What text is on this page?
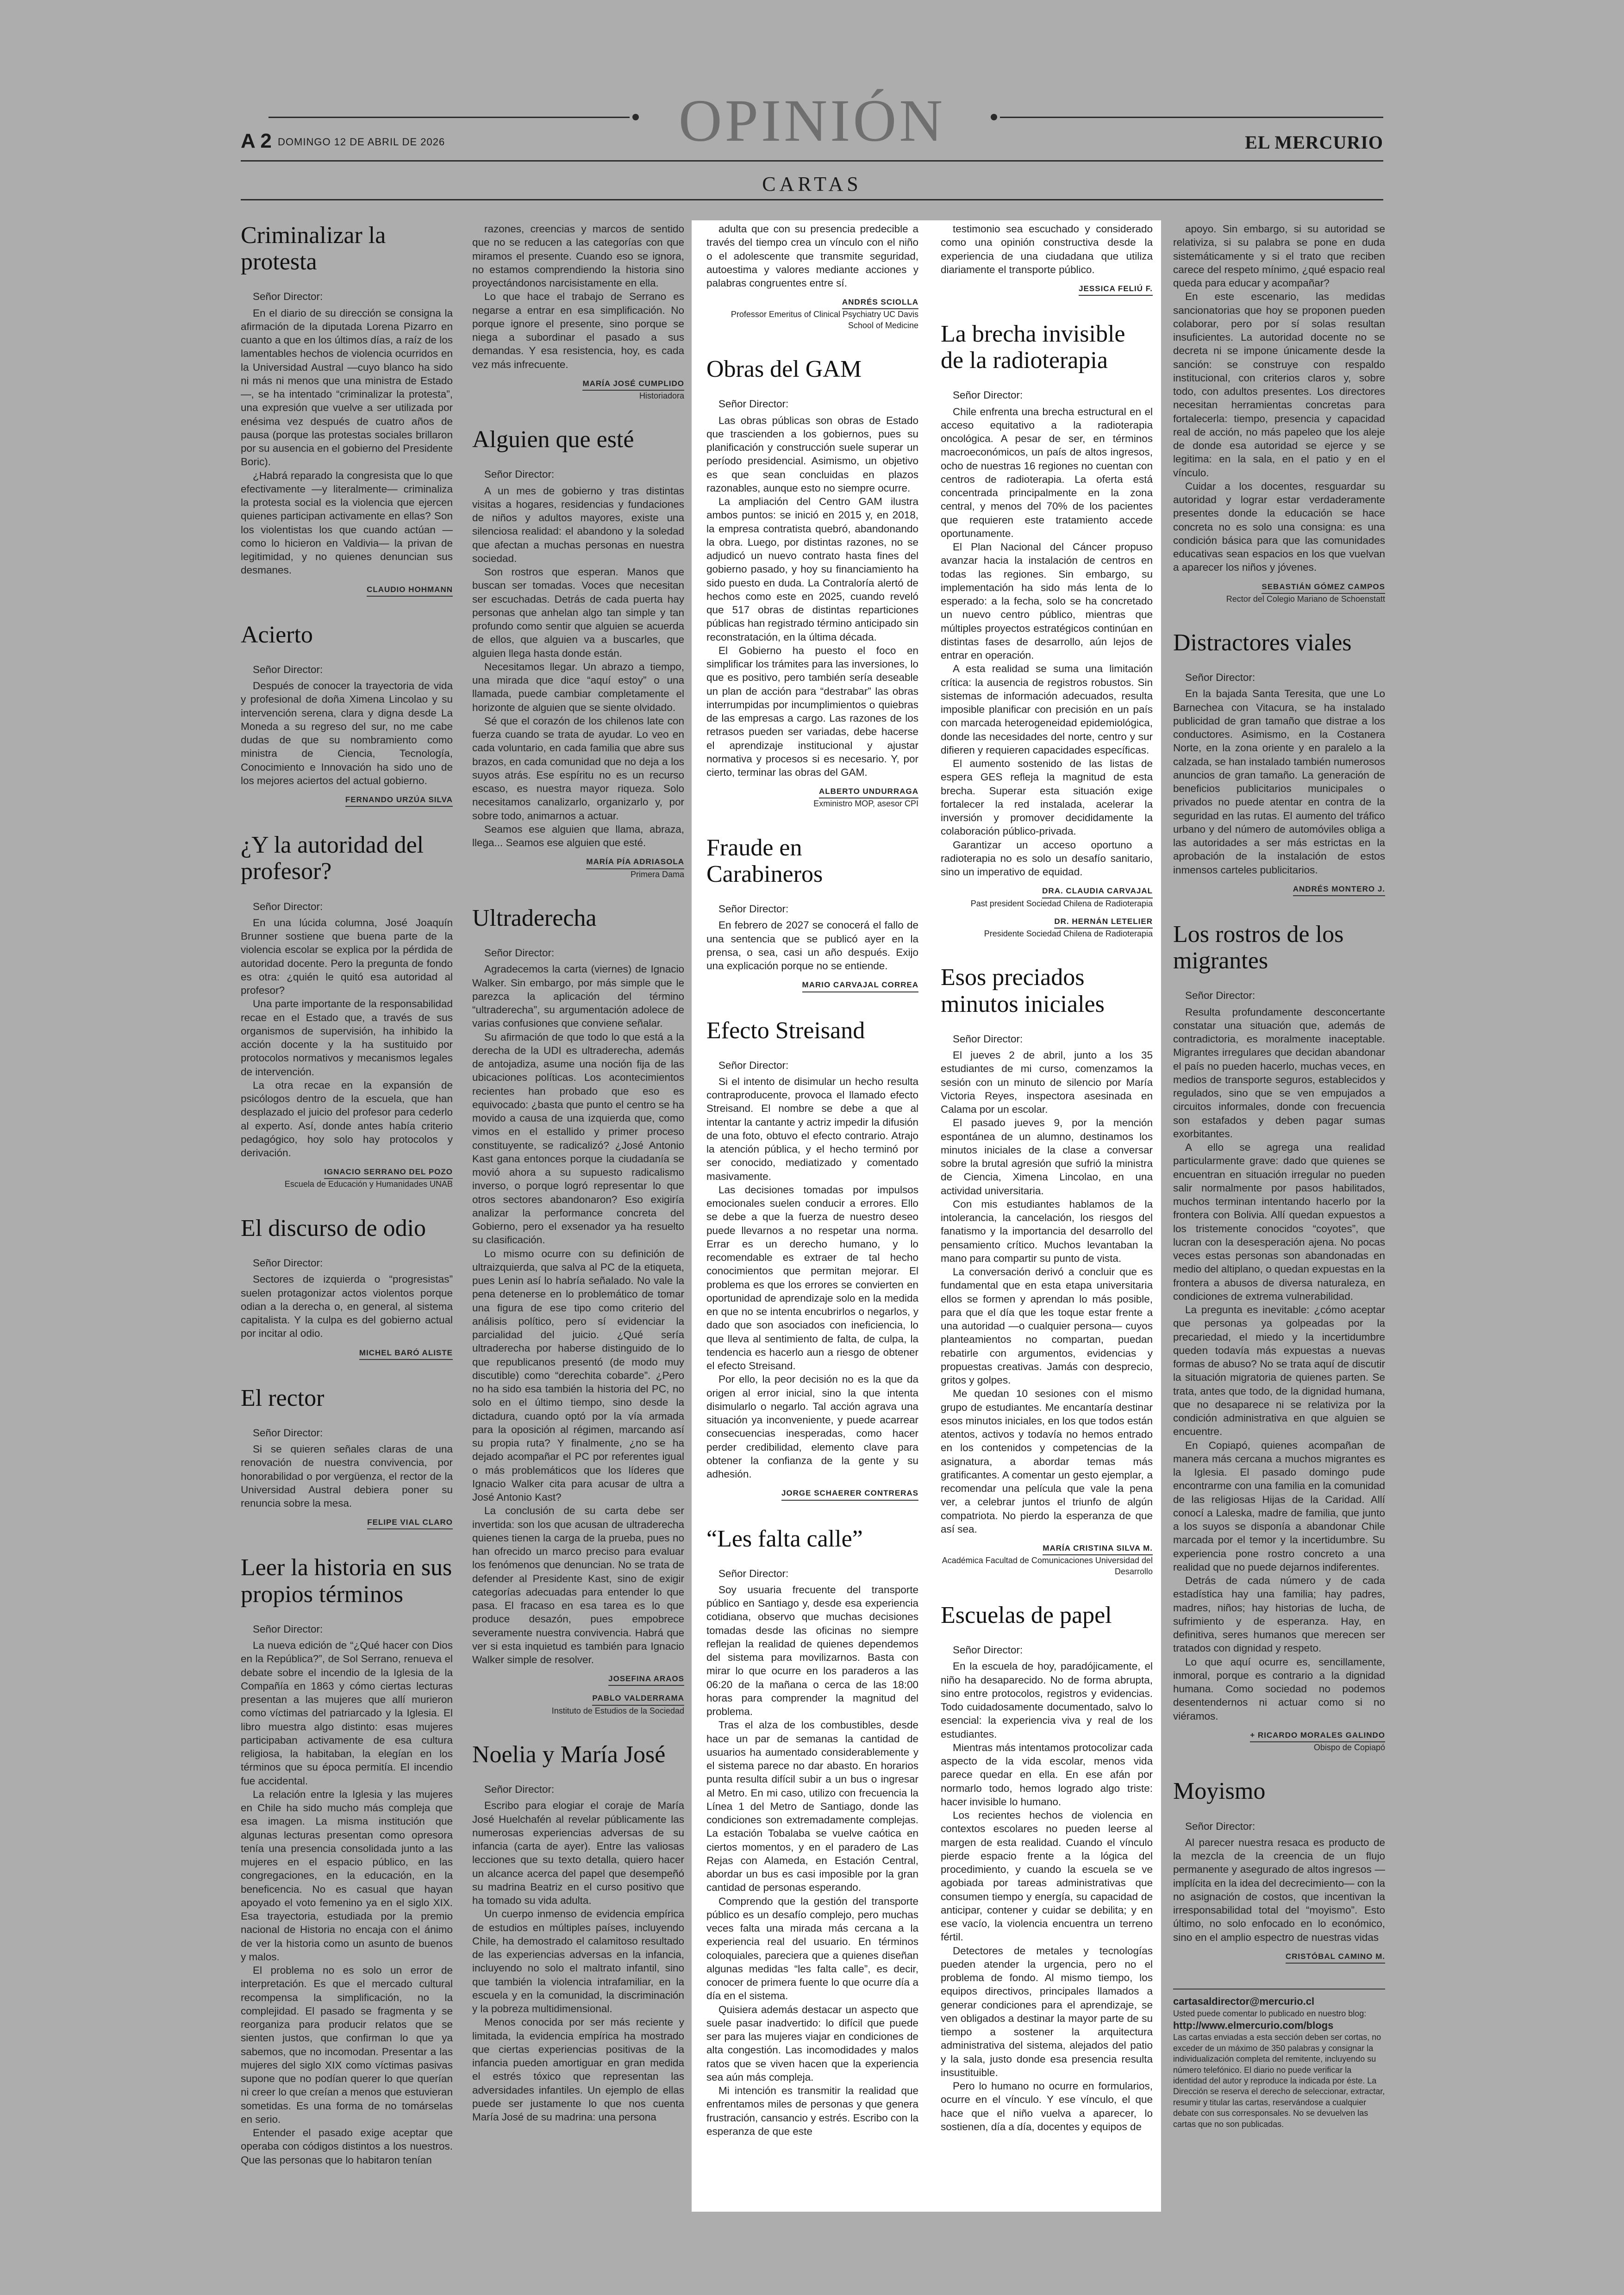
OPINIÓN
A 2 DOMINGO 12 DE ABRIL DE 2026	EL MERCURIO
CARTAS
Criminalizar la protesta
Señor Director:

En el diario de su dirección se consigna la afirmación de la diputada Lorena Pizarro en cuanto a que en los últimos días, a raíz de los lamentables hechos de violencia ocurridos en la Universidad Austral —cuyo blanco ha sido ni más ni menos que una ministra de Estado—, se ha intentado “criminalizar la protesta”, una expresión que vuelve a ser utilizada por enésima vez después de cuatro años de pausa (porque las protestas sociales brillaron por su ausencia en el gobierno del Presidente Boric).

¿Habrá reparado la congresista que lo que efectivamente —y literalmente— criminaliza la protesta social es la violencia que ejercen quienes participan activamente en ellas? Son los violentistas los que cuando actúan —como lo hicieron en Valdivia— la privan de legitimidad, y no quienes denuncian sus desmanes.

CLAUDIO HOHMANN
Acierto
Señor Director:

Después de conocer la trayectoria de vida y profesional de doña Ximena Lincolao y su intervención serena, clara y digna desde La Moneda a su regreso del sur, no me cabe dudas de que su nombramiento como ministra de Ciencia, Tecnología, Conocimiento e Innovación ha sido uno de los mejores aciertos del actual gobierno.

FERNANDO URZÚA SILVA
¿Y la autoridad del profesor?
Señor Director:

En una lúcida columna, José Joaquín Brunner sostiene que buena parte de la violencia escolar se explica por la pérdida de autoridad docente. Pero la pregunta de fondo es otra: ¿quién le quitó esa autoridad al profesor?

Una parte importante de la responsabilidad recae en el Estado que, a través de sus organismos de supervisión, ha inhibido la acción docente y la ha sustituido por protocolos normativos y mecanismos legales de intervención.

La otra recae en la expansión de psicólogos dentro de la escuela, que han desplazado el juicio del profesor para cederlo al experto. Así, donde antes había criterio pedagógico, hoy solo hay protocolos y derivación.

IGNACIO SERRANO DEL POZO
Escuela de Educación y Humanidades UNAB
El discurso de odio
Señor Director:

Sectores de izquierda o “progresistas” suelen protagonizar actos violentos porque odian a la derecha o, en general, al sistema capitalista. Y la culpa es del gobierno actual por incitar al odio.

MICHEL BARÓ ALISTE
El rector
Señor Director:

Si se quieren señales claras de una renovación de nuestra convivencia, por honorabilidad o por vergüenza, el rector de la Universidad Austral debiera poner su renuncia sobre la mesa.

FELIPE VIAL CLARO
Leer la historia en sus propios términos
Señor Director:

La nueva edición de “¿Qué hacer con Dios en la República?”, de Sol Serrano, renueva el debate sobre el incendio de la Iglesia de la Compañía en 1863 y cómo ciertas lecturas presentan a las mujeres que allí murieron como víctimas del patriarcado y la Iglesia. El libro muestra algo distinto: esas mujeres participaban activamente de esa cultura religiosa, la habitaban, la elegían en los términos que su época permitía. El incendio fue accidental.

La relación entre la Iglesia y las mujeres en Chile ha sido mucho más compleja que esa imagen. La misma institución que algunas lecturas presentan como opresora tenía una presencia consolidada junto a las mujeres en el espacio público, en las congregaciones, en la educación, en la beneficencia. No es casual que hayan apoyado el voto femenino ya en el siglo XIX. Esa trayectoria, estudiada por la premio nacional de Historia no encaja con el ánimo de ver la historia como un asunto de buenos y malos.

El problema no es solo un error de interpretación. Es que el mercado cultural recompensa la simplificación, no la complejidad. El pasado se fragmenta y se reorganiza para producir relatos que se sienten justos, que confirman lo que ya sabemos, que no incomodan. Presentar a las mujeres del siglo XIX como víctimas pasivas supone que no podían querer lo que querían ni creer lo que creían a menos que estuvieran sometidas. Es una forma de no tomárselas en serio.

Entender el pasado exige aceptar que operaba con códigos distintos a los nuestros. Que las personas que lo habitaron tenían

razones, creencias y marcos de sentido que no se reducen a las categorías con que miramos el presente. Cuando eso se ignora, no estamos comprendiendo la historia sino proyectándonos narcisistamente en ella.

Lo que hace el trabajo de Serrano es negarse a entrar en esa simplificación. No porque ignore el presente, sino porque se niega a subordinar el pasado a sus demandas. Y esa resistencia, hoy, es cada vez más infrecuente.

MARÍA JOSÉ CUMPLIDO
Historiadora
Alguien que esté
Señor Director:

A un mes de gobierno y tras distintas visitas a hogares, residencias y fundaciones de niños y adultos mayores, existe una silenciosa realidad: el abandono y la soledad que afectan a muchas personas en nuestra sociedad.

Son rostros que esperan. Manos que buscan ser tomadas. Voces que necesitan ser escuchadas. Detrás de cada puerta hay personas que anhelan algo tan simple y tan profundo como sentir que alguien se acuerda de ellos, que alguien va a buscarles, que alguien llega hasta donde están.

Necesitamos llegar. Un abrazo a tiempo, una mirada que dice “aquí estoy” o una llamada, puede cambiar completamente el horizonte de alguien que se siente olvidado.

Sé que el corazón de los chilenos late con fuerza cuando se trata de ayudar. Lo veo en cada voluntario, en cada familia que abre sus brazos, en cada comunidad que no deja a los suyos atrás. Ese espíritu no es un recurso escaso, es nuestra mayor riqueza. Solo necesitamos canalizarlo, organizarlo y, por sobre todo, animarnos a actuar.

Seamos ese alguien que llama, abraza, llega... Seamos ese alguien que esté.

MARÍA PÍA ADRIASOLA
Primera Dama
Ultraderecha
Señor Director:

Agradecemos la carta (viernes) de Ignacio Walker. Sin embargo, por más simple que le parezca la aplicación del término “ultraderecha”, su argumentación adolece de varias confusiones que conviene señalar.

Su afirmación de que todo lo que está a la derecha de la UDI es ultraderecha, además de antojadiza, asume una noción fija de las ubicaciones políticas. Los acontecimientos recientes han probado que eso es equivocado: ¿basta que punto el centro se ha movido a causa de una izquierda que, como vimos en el estallido y primer proceso constituyente, se radicalizó? ¿José Antonio Kast gana entonces porque la ciudadanía se movió ahora a su supuesto radicalismo inverso, o porque logró representar lo que otros sectores abandonaron? Eso exigiría analizar la performance concreta del Gobierno, pero el exsenador ya ha resuelto su clasificación.

Lo mismo ocurre con su definición de ultraizquierda, que salva al PC de la etiqueta, pues Lenin así lo habría señalado. No vale la pena detenerse en lo problemático de tomar una figura de ese tipo como criterio del análisis político, pero sí evidenciar la parcialidad del juicio. ¿Qué sería ultraderecha por haberse distinguido de lo que republicanos presentó (de modo muy discutible) como “derechita cobarde”. ¿Pero no ha sido esa también la historia del PC, no solo en el último tiempo, sino desde la dictadura, cuando optó por la vía armada para la oposición al régimen, marcando así su propia ruta? Y finalmente, ¿no se ha dejado acompañar el PC por referentes igual o más problemáticos que los líderes que Ignacio Walker cita para acusar de ultra a José Antonio Kast?

La conclusión de su carta debe ser invertida: son los que acusan de ultraderecha quienes tienen la carga de la prueba, pues no han ofrecido un marco preciso para evaluar los fenómenos que denuncian. No se trata de defender al Presidente Kast, sino de exigir categorías adecuadas para entender lo que pasa. El fracaso en esa tarea es lo que produce desazón, pues empobrece severamente nuestra convivencia. Habrá que ver si esta inquietud es también para Ignacio Walker simple de resolver.

JOSEFINA ARAOS
PABLO VALDERRAMA
Instituto de Estudios de la Sociedad
Noelia y María José
Señor Director:

Escribo para elogiar el coraje de María José Huelchafén al revelar públicamente las numerosas experiencias adversas de su infancia (carta de ayer). Entre las valiosas lecciones que su texto detalla, quiero hacer un alcance acerca del papel que desempeñó su madrina Beatriz en el curso positivo que ha tomado su vida adulta.

Un cuerpo inmenso de evidencia empírica de estudios en múltiples países, incluyendo Chile, ha demostrado el calamitoso resultado de las experiencias adversas en la infancia, incluyendo no solo el maltrato infantil, sino que también la violencia intrafamiliar, en la escuela y en la comunidad, la discriminación y la pobreza multidimensional.

Menos conocida por ser más reciente y limitada, la evidencia empírica ha mostrado que ciertas experiencias positivas de la infancia pueden amortiguar en gran medida el estrés tóxico que representan las adversidades infantiles. Un ejemplo de ellas puede ser justamente lo que nos cuenta María José de su madrina: una persona

adulta que con su presencia predecible a través del tiempo crea un vínculo con el niño o el adolescente que transmite seguridad, autoestima y valores mediante acciones y palabras congruentes entre sí.

ANDRÉS SCIOLLA
Professor Emeritus of Clinical Psychiatry UC Davis School of Medicine
Obras del GAM
Señor Director:

Las obras públicas son obras de Estado que trascienden a los gobiernos, pues su planificación y construcción suele superar un período presidencial. Asimismo, un objetivo es que sean concluidas en plazos razonables, aunque esto no siempre ocurre.

La ampliación del Centro GAM ilustra ambos puntos: se inició en 2015 y, en 2018, la empresa contratista quebró, abandonando la obra. Luego, por distintas razones, no se adjudicó un nuevo contrato hasta fines del gobierno pasado, y hoy su financiamiento ha sido puesto en duda. La Contraloría alertó de hechos como este en 2025, cuando reveló que 517 obras de distintas reparticiones públicas han registrado término anticipado sin reconstratación, en la última década.

El Gobierno ha puesto el foco en simplificar los trámites para las inversiones, lo que es positivo, pero también sería deseable un plan de acción para “destrabar” las obras interrumpidas por incumplimientos o quiebras de las empresas a cargo. Las razones de los retrasos pueden ser variadas, debe hacerse el aprendizaje institucional y ajustar normativa y procesos si es necesario. Y, por cierto, terminar las obras del GAM.

ALBERTO UNDURRAGA
Exministro MOP, asesor CPI
Fraude en Carabineros
Señor Director:

En febrero de 2027 se conocerá el fallo de una sentencia que se publicó ayer en la prensa, o sea, casi un año después. Exijo una explicación porque no se entiende.

MARIO CARVAJAL CORREA
Efecto Streisand
Señor Director:

Si el intento de disimular un hecho resulta contraproducente, provoca el llamado efecto Streisand. El nombre se debe a que al intentar la cantante y actriz impedir la difusión de una foto, obtuvo el efecto contrario. Atrajo la atención pública, y el hecho terminó por ser conocido, mediatizado y comentado masivamente.

Las decisiones tomadas por impulsos emocionales suelen conducir a errores. Ello se debe a que la fuerza de nuestro deseo puede llevarnos a no respetar una norma. Errar es un derecho humano, y lo recomendable es extraer de tal hecho conocimientos que permitan mejorar. El problema es que los errores se convierten en oportunidad de aprendizaje solo en la medida en que no se intenta encubrirlos o negarlos, y dado que son asociados con ineficiencia, lo que lleva al sentimiento de falta, de culpa, la tendencia es hacerlo aun a riesgo de obtener el efecto Streisand.

Por ello, la peor decisión no es la que da origen al error inicial, sino la que intenta disimularlo o negarlo. Tal acción agrava una situación ya inconveniente, y puede acarrear consecuencias inesperadas, como hacer perder credibilidad, elemento clave para obtener la confianza de la gente y su adhesión.

JORGE SCHAERER CONTRERAS
“Les falta calle”
Señor Director:

Soy usuaria frecuente del transporte público en Santiago y, desde esa experiencia cotidiana, observo que muchas decisiones tomadas desde las oficinas no siempre reflejan la realidad de quienes dependemos del sistema para movilizarnos. Basta con mirar lo que ocurre en los paraderos a las 06:20 de la mañana o cerca de las 18:00 horas para comprender la magnitud del problema.

Tras el alza de los combustibles, desde hace un par de semanas la cantidad de usuarios ha aumentado considerablemente y el sistema parece no dar abasto. En horarios punta resulta difícil subir a un bus o ingresar al Metro. En mi caso, utilizo con frecuencia la Línea 1 del Metro de Santiago, donde las condiciones son extremadamente complejas. La estación Tobalaba se vuelve caótica en ciertos momentos, y en el paradero de Las Rejas con Alameda, en Estación Central, abordar un bus es casi imposible por la gran cantidad de personas esperando.

Comprendo que la gestión del transporte público es un desafío complejo, pero muchas veces falta una mirada más cercana a la experiencia real del usuario. En términos coloquiales, pareciera que a quienes diseñan algunas medidas “les falta calle”, es decir, conocer de primera fuente lo que ocurre día a día en el sistema.

Quisiera además destacar un aspecto que suele pasar inadvertido: lo difícil que puede ser para las mujeres viajar en condiciones de alta congestión. Las incomodidades y malos ratos que se viven hacen que la experiencia sea aún más compleja.

Mi intención es transmitir la realidad que enfrentamos miles de personas y que genera frustración, cansancio y estrés. Escribo con la esperanza de que este

testimonio sea escuchado y considerado como una opinión constructiva desde la experiencia de una ciudadana que utiliza diariamente el transporte público.

JESSICA FELIÚ F.
La brecha invisible de la radioterapia
Señor Director:

Chile enfrenta una brecha estructural en el acceso equitativo a la radioterapia oncológica. A pesar de ser, en términos macroeconómicos, un país de altos ingresos, ocho de nuestras 16 regiones no cuentan con centros de radioterapia. La oferta está concentrada principalmente en la zona central, y menos del 70% de los pacientes que requieren este tratamiento accede oportunamente.

El Plan Nacional del Cáncer propuso avanzar hacia la instalación de centros en todas las regiones. Sin embargo, su implementación ha sido más lenta de lo esperado: a la fecha, solo se ha concretado un nuevo centro público, mientras que múltiples proyectos estratégicos continúan en distintas fases de desarrollo, aún lejos de entrar en operación.

A esta realidad se suma una limitación crítica: la ausencia de registros robustos. Sin sistemas de información adecuados, resulta imposible planificar con precisión en un país con marcada heterogeneidad epidemiológica, donde las necesidades del norte, centro y sur difieren y requieren capacidades específicas.

El aumento sostenido de las listas de espera GES refleja la magnitud de esta brecha. Superar esta situación exige fortalecer la red instalada, acelerar la inversión y promover decididamente la colaboración público-privada.

Garantizar un acceso oportuno a radioterapia no es solo un desafío sanitario, sino un imperativo de equidad.

DRA. CLAUDIA CARVAJAL
Past president Sociedad Chilena de Radioterapia
DR. HERNÁN LETELIER
Presidente Sociedad Chilena de Radioterapia
Esos preciados minutos iniciales
Señor Director:

El jueves 2 de abril, junto a los 35 estudiantes de mi curso, comenzamos la sesión con un minuto de silencio por María Victoria Reyes, inspectora asesinada en Calama por un escolar.

El pasado jueves 9, por la mención espontánea de un alumno, destinamos los minutos iniciales de la clase a conversar sobre la brutal agresión que sufrió la ministra de Ciencia, Ximena Lincolao, en una actividad universitaria.

Con mis estudiantes hablamos de la intolerancia, la cancelación, los riesgos del fanatismo y la importancia del desarrollo del pensamiento crítico. Muchos levantaban la mano para compartir su punto de vista.

La conversación derivó a concluir que es fundamental que en esta etapa universitaria ellos se formen y aprendan lo más posible, para que el día que les toque estar frente a una autoridad —o cualquier persona— cuyos planteamientos no compartan, puedan rebatirle con argumentos, evidencias y propuestas creativas. Jamás con desprecio, gritos y golpes.

Me quedan 10 sesiones con el mismo grupo de estudiantes. Me encantaría destinar esos minutos iniciales, en los que todos están atentos, activos y todavía no hemos entrado en los contenidos y competencias de la asignatura, a abordar temas más gratificantes. A comentar un gesto ejemplar, a recomendar una película que vale la pena ver, a celebrar juntos el triunfo de algún compatriota. No pierdo la esperanza de que así sea.

MARÍA CRISTINA SILVA M.
Académica Facultad de Comunicaciones Universidad del Desarrollo
Escuelas de papel
Señor Director:

En la escuela de hoy, paradójicamente, el niño ha desaparecido. No de forma abrupta, sino entre protocolos, registros y evidencias. Todo cuidadosamente documentado, salvo lo esencial: la experiencia viva y real de los estudiantes.

Mientras más intentamos protocolizar cada aspecto de la vida escolar, menos vida parece quedar en ella. En ese afán por normarlo todo, hemos logrado algo triste: hacer invisible lo humano.

Los recientes hechos de violencia en contextos escolares no pueden leerse al margen de esta realidad. Cuando el vínculo pierde espacio frente a la lógica del procedimiento, y cuando la escuela se ve agobiada por tareas administrativas que consumen tiempo y energía, su capacidad de anticipar, contener y cuidar se debilita; y en ese vacío, la violencia encuentra un terreno fértil.

Detectores de metales y tecnologías pueden atender la urgencia, pero no el problema de fondo. Al mismo tiempo, los equipos directivos, principales llamados a generar condiciones para el aprendizaje, se ven obligados a destinar la mayor parte de su tiempo a sostener la arquitectura administrativa del sistema, alejados del patio y la sala, justo donde esa presencia resulta insustituible.

Pero lo humano no ocurre en formularios, ocurre en el vínculo. Y ese vínculo, el que hace que el niño vuelva a aparecer, lo sostienen, día a día, docentes y equipos de

apoyo. Sin embargo, si su autoridad se relativiza, si su palabra se pone en duda sistemáticamente y si el trato que reciben carece del respeto mínimo, ¿qué espacio real queda para educar y acompañar?

En este escenario, las medidas sancionatorias que hoy se proponen pueden colaborar, pero por sí solas resultan insuficientes. La autoridad docente no se decreta ni se impone únicamente desde la sanción: se construye con respaldo institucional, con criterios claros y, sobre todo, con adultos presentes. Los directores necesitan herramientas concretas para fortalecerla: tiempo, presencia y capacidad real de acción, no más papeleo que los aleje de donde esa autoridad se ejerce y se legitima: en la sala, en el patio y en el vínculo.

Cuidar a los docentes, resguardar su autoridad y lograr estar verdaderamente presentes donde la educación se hace concreta no es solo una consigna: es una condición básica para que las comunidades educativas sean espacios en los que vuelvan a aparecer los niños y jóvenes.

SEBASTIÁN GÓMEZ CAMPOS
Rector del Colegio Mariano de Schoenstatt
Distractores viales
Señor Director:

En la bajada Santa Teresita, que une Lo Barnechea con Vitacura, se ha instalado publicidad de gran tamaño que distrae a los conductores. Asimismo, en la Costanera Norte, en la zona oriente y en paralelo a la calzada, se han instalado también numerosos anuncios de gran tamaño. La generación de beneficios publicitarios municipales o privados no puede atentar en contra de la seguridad en las rutas. El aumento del tráfico urbano y del número de automóviles obliga a las autoridades a ser más estrictas en la aprobación de la instalación de estos inmensos carteles publicitarios.

ANDRÉS MONTERO J.
Los rostros de los migrantes
Señor Director:

Resulta profundamente desconcertante constatar una situación que, además de contradictoria, es moralmente inaceptable. Migrantes irregulares que decidan abandonar el país no pueden hacerlo, muchas veces, en medios de transporte seguros, establecidos y regulados, sino que se ven empujados a circuitos informales, donde con frecuencia son estafados y deben pagar sumas exorbitantes.

A ello se agrega una realidad particularmente grave: dado que quienes se encuentran en situación irregular no pueden salir normalmente por pasos habilitados, muchos terminan intentando hacerlo por la frontera con Bolivia. Allí quedan expuestos a los tristemente conocidos “coyotes”, que lucran con la desesperación ajena. No pocas veces estas personas son abandonadas en medio del altiplano, o quedan expuestas en la frontera a abusos de diversa naturaleza, en condiciones de extrema vulnerabilidad.

La pregunta es inevitable: ¿cómo aceptar que personas ya golpeadas por la precariedad, el miedo y la incertidumbre queden todavía más expuestas a nuevas formas de abuso? No se trata aquí de discutir la situación migratoria de quienes parten. Se trata, antes que todo, de la dignidad humana, que no desaparece ni se relativiza por la condición administrativa en que alguien se encuentre.

En Copiapó, quienes acompañan de manera más cercana a muchos migrantes es la Iglesia. El pasado domingo pude encontrarme con una familia en la comunidad de las religiosas Hijas de la Caridad. Allí conocí a Laleska, madre de familia, que junto a los suyos se disponía a abandonar Chile marcada por el temor y la incertidumbre. Su experiencia pone rostro concreto a una realidad que no puede dejarnos indiferentes.

Detrás de cada número y de cada estadística hay una familia; hay padres, madres, niños; hay historias de lucha, de sufrimiento y de esperanza. Hay, en definitiva, seres humanos que merecen ser tratados con dignidad y respeto.

Lo que aquí ocurre es, sencillamente, inmoral, porque es contrario a la dignidad humana. Como sociedad no podemos desentendernos ni actuar como si no viéramos.

+ RICARDO MORALES GALINDO
Obispo de Copiapó
Moyismo
Señor Director:

Al parecer nuestra resaca es producto de la mezcla de la creencia de un flujo permanente y asegurado de altos ingresos —implícita en la idea del decrecimiento— con la no asignación de costos, que incentivan la irresponsabilidad total del “moyismo”. Esto último, no solo enfocado en lo económico, sino en el amplio espectro de nuestras vidas

CRISTÓBAL CAMINO M.
cartasaldirector@mercurio.cl
Usted puede comentar lo publicado en nuestro blog:
http://www.elmercurio.com/blogs
Las cartas enviadas a esta sección deben ser cortas, no exceder de un máximo de 350 palabras y consignar la individualización completa del remitente, incluyendo su número telefónico. El diario no puede verificar la identidad del autor y reproduce la indicada por éste. La Dirección se reserva el derecho de seleccionar, extractar, resumir y titular las cartas, reservándose a cualquier debate con sus corresponsales. No se devuelven las cartas que no son publicadas.
